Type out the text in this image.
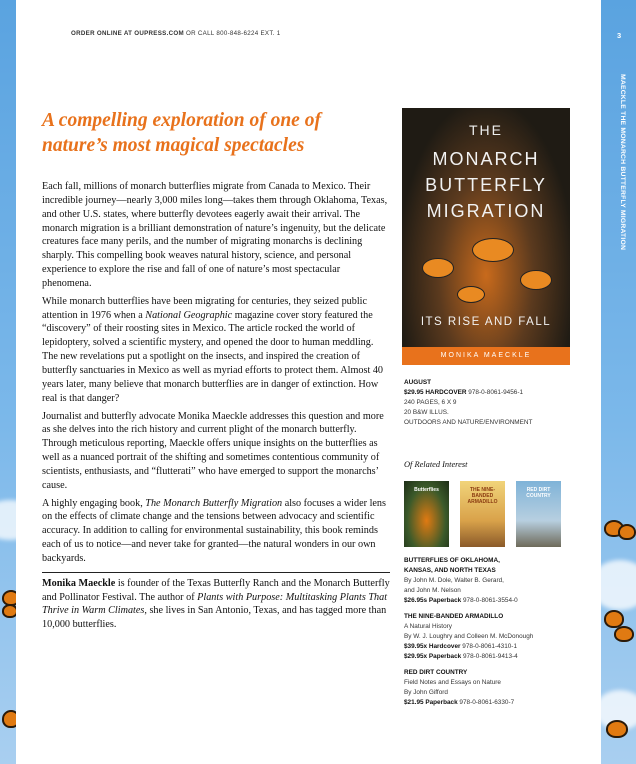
3
MAECKLE THE MONARCH BUTTERFLY MIGRATION
ORDER ONLINE AT OUPRESS.COM OR CALL 800-848-6224 EXT. 1
A compelling exploration of one of
nature’s most magical spectacles

Each fall, millions of monarch butterflies migrate from Canada to Mexico. Their incredible journey—nearly 3,000 miles long—takes them through Oklahoma, Texas, and other U.S. states, where butterfly devotees eagerly await their arrival. The monarch migration is a brilliant demonstration of nature’s ingenuity, but the delicate creatures face many perils, and the number of migrating monarchs is declining sharply. This compelling book weaves natural history, science, and personal experience to explore the rise and fall of one of nature’s most spectacular phenomena.

While monarch butterflies have been migrating for centuries, they seized public attention in 1976 when a National Geographic magazine cover story featured the “discovery” of their roosting sites in Mexico. The article rocked the world of lepidoptery, solved a scientific mystery, and opened the door to human meddling. The new revelations put a spotlight on the insects, and inspired the creation of butterfly sanctuaries in Mexico as well as myriad efforts to protect them. Almost 40 years later, many believe that monarch butterflies are in danger of extinction. How real is that danger?

Journalist and butterfly advocate Monika Maeckle addresses this question and more as she delves into the rich history and current plight of the monarch butterfly. Through meticulous reporting, Maeckle offers unique insights on the butterflies as well as a nuanced portrait of the shifting and sometimes contentious community of scientists, enthusiasts, and “flutterati” who have emerged to support the monarchs’ cause.

A highly engaging book, The Monarch Butterfly Migration also focuses a wider lens on the effects of climate change and the tensions between advocacy and scientific accuracy. In addition to calling for environmental sustainability, this book reminds each of us to notice—and never take for granted—the natural wonders in our own backyards.

Monika Maeckle is founder of the Texas Butterfly Ranch and the Monarch Butterfly and Pollinator Festival. The author of Plants with Purpose: Multitasking Plants That Thrive in Warm Climates, she lives in San Antonio, Texas, and has tagged more than 10,000 butterflies.

THE
MONARCH BUTTERFLY MIGRATION
ITS RISE AND FALL
MONIKA MAECKLE
AUGUST
$29.95 HARDCOVER 978-0-8061-9456-1
240 PAGES, 6 X 9
20 B&W ILLUS.
OUTDOORS AND NATURE/ENVIRONMENT
Of Related Interest
Butterflies	THE NINE-BANDED ARMADILLO
RED DIRT COUNTRY
BUTTERFLIES OF OKLAHOMA,
KANSAS, AND NORTH TEXAS
By John M. Dole, Walter B. Gerard,
and John M. Nelson
$26.95s Paperback 978-0-8061-3554-0
THE NINE-BANDED ARMADILLO
A Natural History
By W. J. Loughry and Colleen M. McDonough
$39.95x Hardcover 978-0-8061-4310-1
$29.95x Paperback 978-0-8061-9413-4
RED DIRT COUNTRY
Field Notes and Essays on Nature
By John Gifford
$21.95 Paperback 978-0-8061-6330-7
